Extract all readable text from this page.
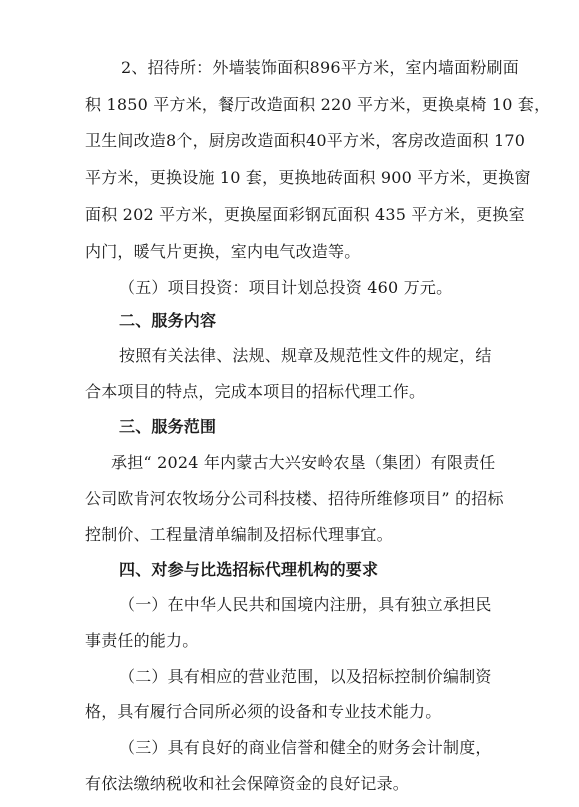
2、招待所：外墙装饰面积896平方米，室内墙面粉刷面
积 1850 平方米，餐厅改造面积 220 平方米，更换桌椅 10 套，
卫生间改造8个，厨房改造面积40平方米，客房改造面积 170
平方米，更换设施 10 套，更换地砖面积 900 平方米，更换窗
面积 202 平方米，更换屋面彩钢瓦面积 435 平方米，更换室
内门，暖气片更换，室内电气改造等。
（五）项目投资：项目计划总投资 460 万元。
二、服务内容
按照有关法律、法规、规章及规范性文件的规定，结
合本项目的特点，完成本项目的招标代理工作。
三、服务范围
承担“ 2024 年内蒙古大兴安岭农垦（集团）有限责任
公司欧肯河农牧场分公司科技楼、招待所维修项目” 的招标
控制价、工程量清单编制及招标代理事宜。
四、对参与比选招标代理机构的要求
（一）在中华人民共和国境内注册，具有独立承担民
事责任的能力。
（二）具有相应的营业范围，以及招标控制价编制资
格，具有履行合同所必须的设备和专业技术能力。
（三）具有良好的商业信誉和健全的财务会计制度，
有依法缴纳税收和社会保障资金的良好记录。
